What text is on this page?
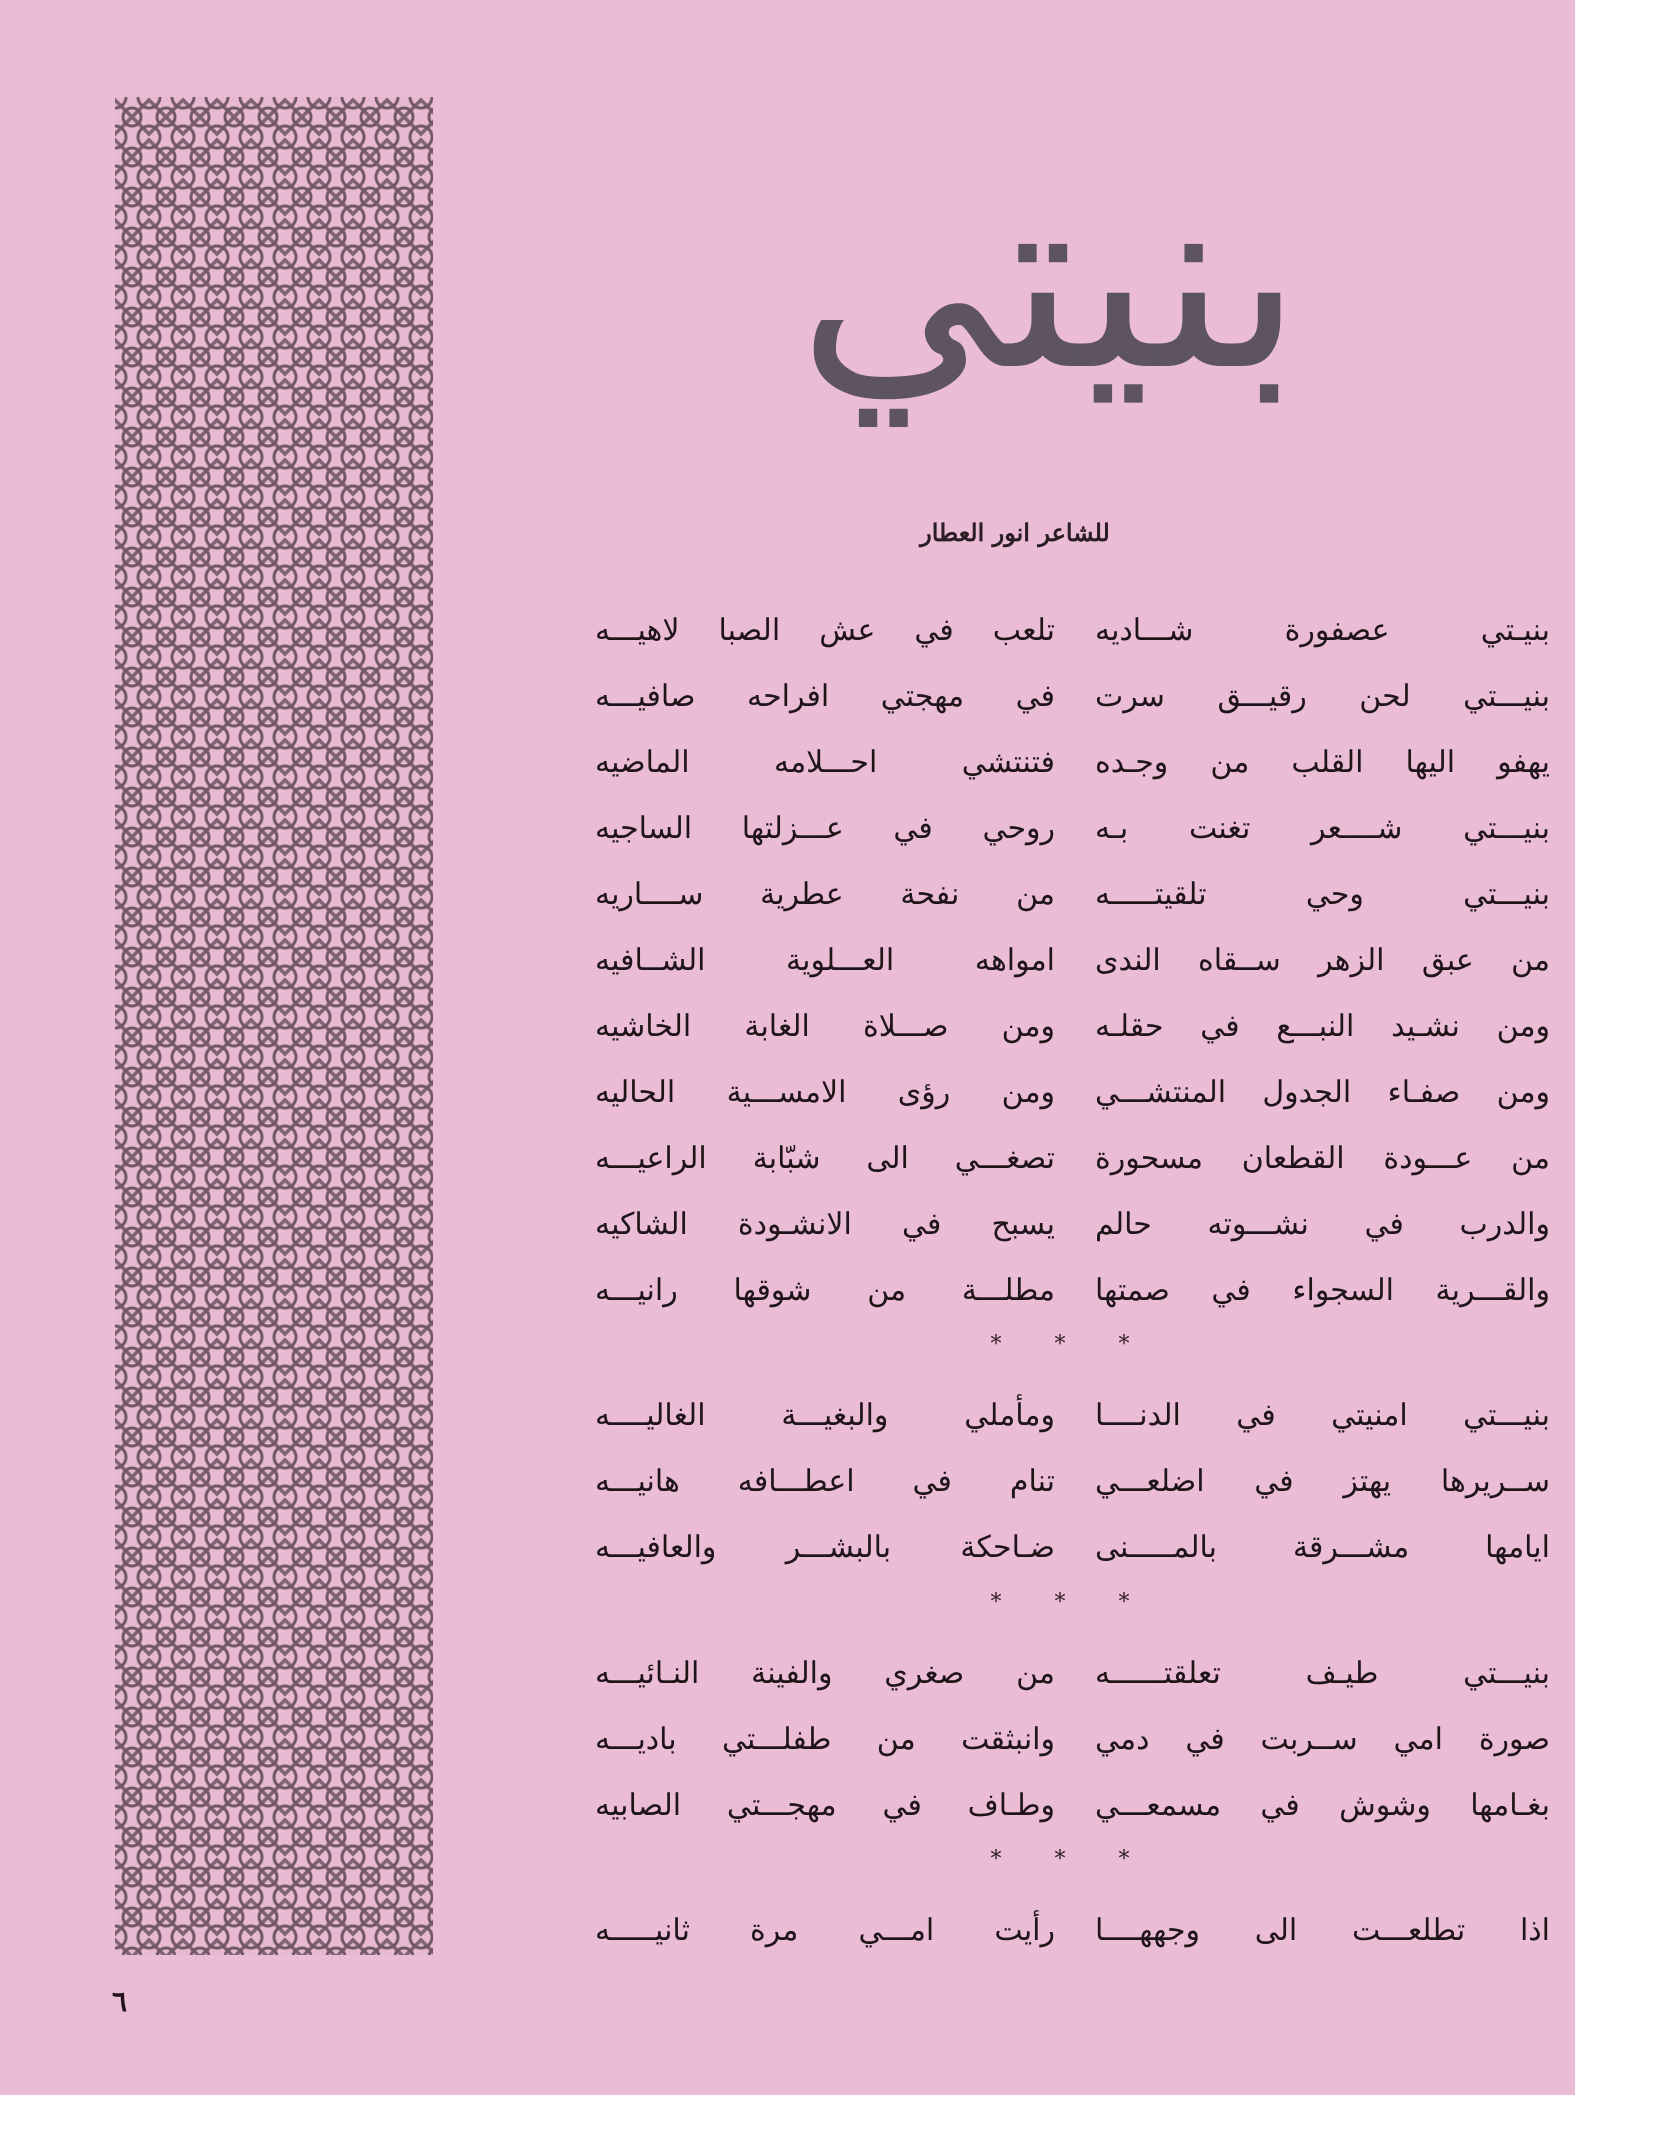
بنيتي
للشاعر انور العطار
بنيـتي عصفورة شـــاديه
تلعب في عش الصبا لاهيـــه
بنيـــتي لحن رقيـــق سرت
في مهجتي افراحه صافيـــه
يهفو اليها القلب من وجـده
فتنتشي احـــلامه الماضيه
بنيـــتي شــــعر تغنت بـه
روحي في عـــزلتها الساجيه
بنيـــتي وحي تلقيتـــــه
من نفحة عطرية ســــاريه
من عبق الزهر ســقاه الندى
امواهه العـــلوية الشــافيه
ومن نشـيد النبـــع في حقلـه
ومن صـــلاة الغابة الخاشيه
ومن صفـاء الجدول المنتشـــي
ومن رؤى الامســـية الحاليه
من عـــودة القطعان مسحورة
تصغـــي الى شبّابة الراعيـــه
والدرب في نشـــوته حالم
يسبح في الانشـودة الشاكيه
والقـــرية السجواء في صمتها
مطلـــة من شوقها رانيـــه
* * *
بنيـــتي امنيتي في الدنــــا
ومأملي والبغيـــة الغاليــــه
ســريرها يهتز في اضلعـــي
تنام في اعطـــافه هانيـــه
ايامها مشـــرقة بالمـــــنى
ضـاحكة بالبشـــر والعافيـــه
* * *
بنيـــتي طيـف تعلقتــــــه
من صغري والفينة النـائيـــه
صورة امي ســربت في دمي
وانبثقت من طفلـــتي باديـــه
بغـامها وشوش في مسمعـــي
وطـاف في مهجـــتي الصابيه
* * *
اذا تطلعـــت الى وجههــــا
رأيت امـــي مرة ثانيـــــه
٦
